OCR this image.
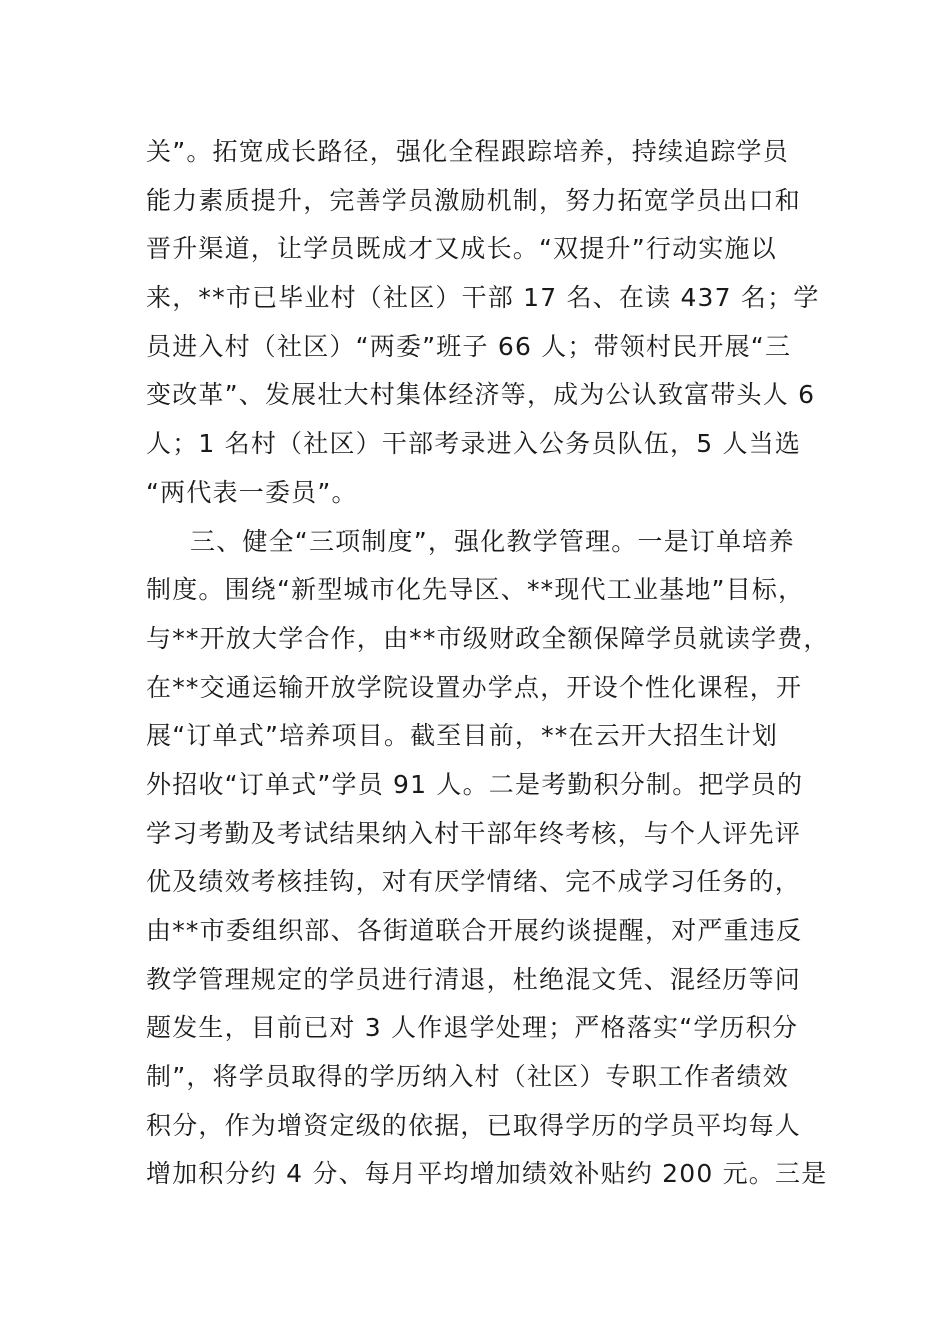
关”。拓宽成长路径，强化全程跟踪培养，持续追踪学员
能力素质提升，完善学员激励机制，努力拓宽学员出口和
晋升渠道，让学员既成才又成长。“双提升”行动实施以
来，**市已毕业村（社区）干部 17 名、在读 437 名；学
员进入村（社区）“两委”班子 66 人；带领村民开展“三
变改革”、发展壮大村集体经济等，成为公认致富带头人 6
人；1 名村（社区）干部考录进入公务员队伍，5 人当选
“两代表一委员”。
三、健全“三项制度”，强化教学管理。一是订单培养
制度。围绕“新型城市化先导区、**现代工业基地”目标，
与**开放大学合作，由**市级财政全额保障学员就读学费，
在**交通运输开放学院设置办学点，开设个性化课程，开
展“订单式”培养项目。截至目前，**在云开大招生计划
外招收“订单式”学员 91 人。二是考勤积分制。把学员的
学习考勤及考试结果纳入村干部年终考核，与个人评先评
优及绩效考核挂钩，对有厌学情绪、完不成学习任务的，
由**市委组织部、各街道联合开展约谈提醒，对严重违反
教学管理规定的学员进行清退，杜绝混文凭、混经历等问
题发生，目前已对 3 人作退学处理；严格落实“学历积分
制”，将学员取得的学历纳入村（社区）专职工作者绩效
积分，作为增资定级的依据，已取得学历的学员平均每人
增加积分约 4 分、每月平均增加绩效补贴约 200 元。三是
